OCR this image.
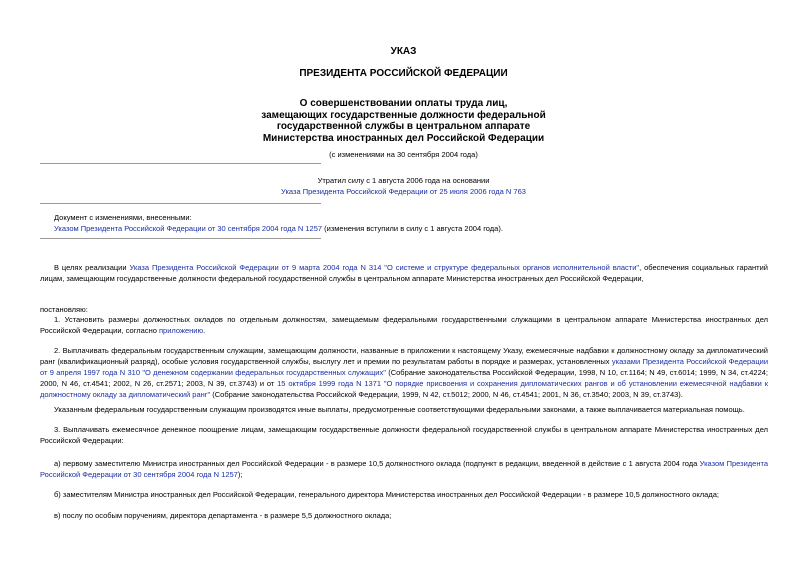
УКАЗ
ПРЕЗИДЕНТА РОССИЙСКОЙ ФЕДЕРАЦИИ
О совершенствовании оплаты труда лиц,
замещающих государственные должности федеральной
государственной службы в центральном аппарате
Министерства иностранных дел Российской Федерации
(с изменениями на 30 сентября 2004 года)
Утратил силу с 1 августа 2006 года на основании
Указа Президента Российской Федерации от 25 июля 2006 года N 763
Документ с изменениями, внесенными:
Указом Президента Российской Федерации от 30 сентября 2004 года N 1257 (изменения вступили в силу с 1 августа 2004 года).
В целях реализации Указа Президента Российской Федерации от 9 марта 2004 года N 314 "О системе и структуре федеральных органов исполнительной власти", обеспечения социальных гарантий лицам, замещающим государственные должности федеральной государственной службы в центральном аппарате Министерства иностранных дел Российской Федерации,
постановляю:
1. Установить размеры должностных окладов по отдельным должностям, замещаемым федеральными государственными служащими в центральном аппарате Министерства иностранных дел Российской Федерации, согласно приложению.
2. Выплачивать федеральным государственным служащим, замещающим должности, названные в приложении к настоящему Указу, ежемесячные надбавки к должностному окладу за дипломатический ранг (квалификационный разряд), особые условия государственной службы, выслугу лет и премии по результатам работы в порядке и размерах, установленных указами Президента Российской Федерации от 9 апреля 1997 года N 310 "О денежном содержании федеральных государственных служащих" (Собрание законодательства Российской Федерации, 1998, N 10, ст.1164; N 49, ст.6014; 1999, N 34, ст.4224; 2000, N 46, ст.4541; 2002, N 26, ст.2571; 2003, N 39, ст.3743) и от 15 октября 1999 года N 1371 "О порядке присвоения и сохранения дипломатических рангов и об установлении ежемесячной надбавки к должностному окладу за дипломатический ранг" (Собрание законодательства Российской Федерации, 1999, N 42, ст.5012; 2000, N 46, ст.4541; 2001, N 36, ст.3540; 2003, N 39, ст.3743).
Указанным федеральным государственным служащим производятся иные выплаты, предусмотренные соответствующими федеральными законами, а также выплачивается материальная помощь.
3. Выплачивать ежемесячное денежное поощрение лицам, замещающим государственные должности федеральной государственной службы в центральном аппарате Министерства иностранных дел Российской Федерации:
а) первому заместителю Министра иностранных дел Российской Федерации - в размере 10,5 должностного оклада (подпункт в редакции, введенной в действие с 1 августа 2004 года Указом Президента Российской Федерации от 30 сентября 2004 года N 1257);
б) заместителям Министра иностранных дел Российской Федерации, генерального директора Министерства иностранных дел Российской Федерации - в размере 10,5 должностного оклада;
в) послу по особым поручениям, директора департамента - в размере 5,5 должностного оклада;
